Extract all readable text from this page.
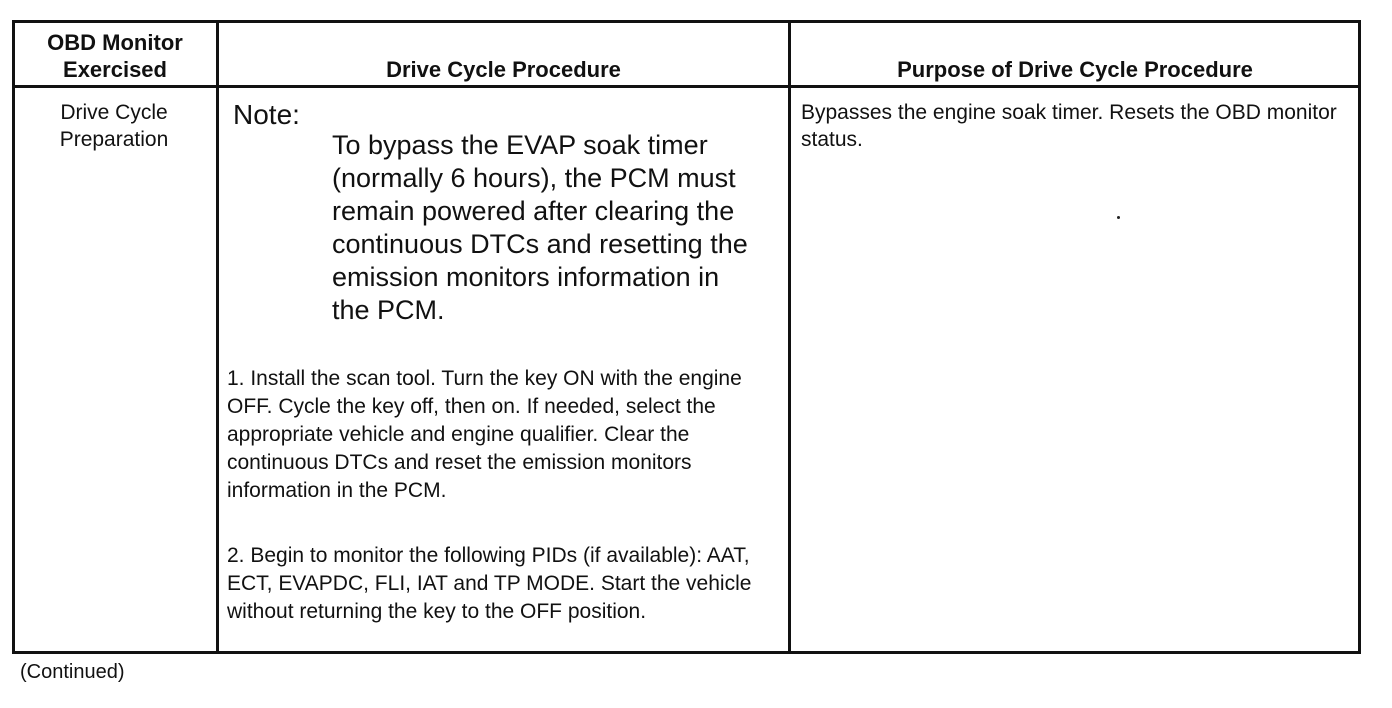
OBD Monitor Exercised	Drive Cycle Procedure	Purpose of Drive Cycle Procedure
Drive Cycle Preparation
Note:
To bypass the EVAP soak timer (normally 6 hours), the PCM must remain powered after clearing the continuous DTCs and resetting the emission monitors information in the PCM.
1. Install the scan tool. Turn the key ON with the engine OFF. Cycle the key off, then on. If needed, select the appropriate vehicle and engine qualifier. Clear the continuous DTCs and reset the emission monitors information in the PCM.
2. Begin to monitor the following PIDs (if available): AAT, ECT, EVAPDC, FLI, IAT and TP MODE. Start the vehicle without returning the key to the OFF position.
Bypasses the engine soak timer. Resets the OBD monitor status.
(Continued)
